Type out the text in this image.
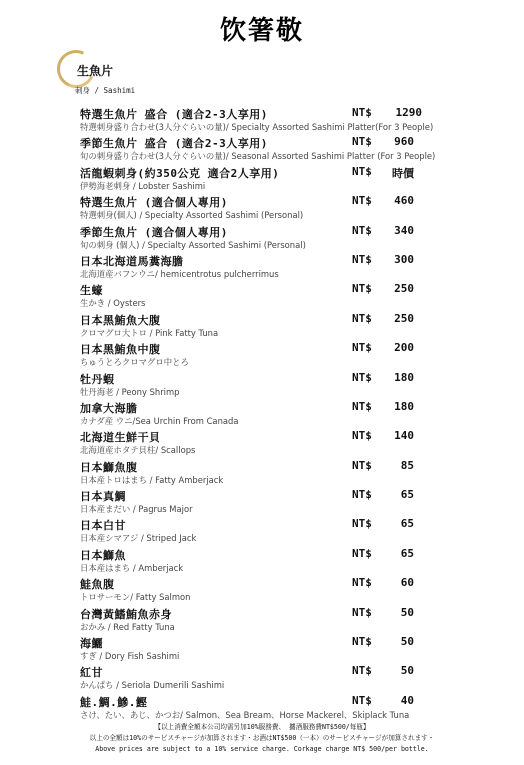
饮箸敬
生魚片
刺身 / Sashimi
特選生魚片 盛合 (適合2-3人享用)
特選刺身盛り合わせ(3人分ぐらいの量)/ Specialty Assorted Sashimi Platter(For 3 People)
NT$ 1290
季節生魚片 盛合 (適合2-3人享用)
旬の刺身盛り合わせ(3人分ぐらいの量)/ Seasonal Assorted Sashimi Platter (For 3 People)
NT$ 960
活龍蝦刺身(約350公克 適合2人享用)
伊勢海老刺身 / Lobster Sashimi
NT$ 時價
特選生魚片 (適合個人專用)
特選刺身(個人) / Specialty Assorted Sashimi (Personal)
NT$ 460
季節生魚片 (適合個人專用)
旬の刺身 (個人) / Specialty Assorted Sashimi (Personal)
NT$ 340
日本北海道馬糞海膽
北海道産バフンウニ/ hemicentrotus pulcherrimus
NT$ 300
生蠔
生かき / Oysters
NT$ 250
日本黑鮪魚大腹
クロマグロ大トロ / Pink Fatty Tuna
NT$ 250
日本黑鮪魚中腹
ちゅうとろクロマグロ中とろ
NT$ 200
牡丹蝦
牡丹海老 / Peony Shrimp
NT$ 180
加拿大海膽
カナダ産 ウニ/Sea Urchin From Canada
NT$ 180
北海道生鮮干貝
北海道産ホタテ貝柱/ Scallops
NT$ 140
日本鰤魚腹
日本産トロはまち / Fatty Amberjack
NT$	85
日本真鯛
日本産まだい / Pagrus Major
NT$	65
日本白甘
日本産シマアジ / Striped Jack
NT$	65
日本鰤魚
日本産はまち / Amberjack
NT$	65
鮭魚腹
トロサーモン/ Fatty Salmon
NT$	60
台灣黃鰭鮪魚赤身
おかみ / Red Fatty Tuna
NT$	50
海鱺
すぎ / Dory Fish Sashimi
NT$	50
紅甘
かんぱち / Seriola Dumerili Sashimi
NT$	50
鮭.鯛.鰺.鰹
さけ、たい、あじ、かつお/ Salmon、Sea Bream、Horse Mackerel、Skiplack Tuna
NT$	40
【以上消費全額本公司均需另加10%服務費、 攜酒服務費NT$500/每瓶】
以上の全額は10%のサービスチャージが加算されます・お酒はNT$500（一本）のサービスチャージが加算されます・
Above prices are subject to a 10% service charge. Corkage charge NT$ 500/per bottle.
